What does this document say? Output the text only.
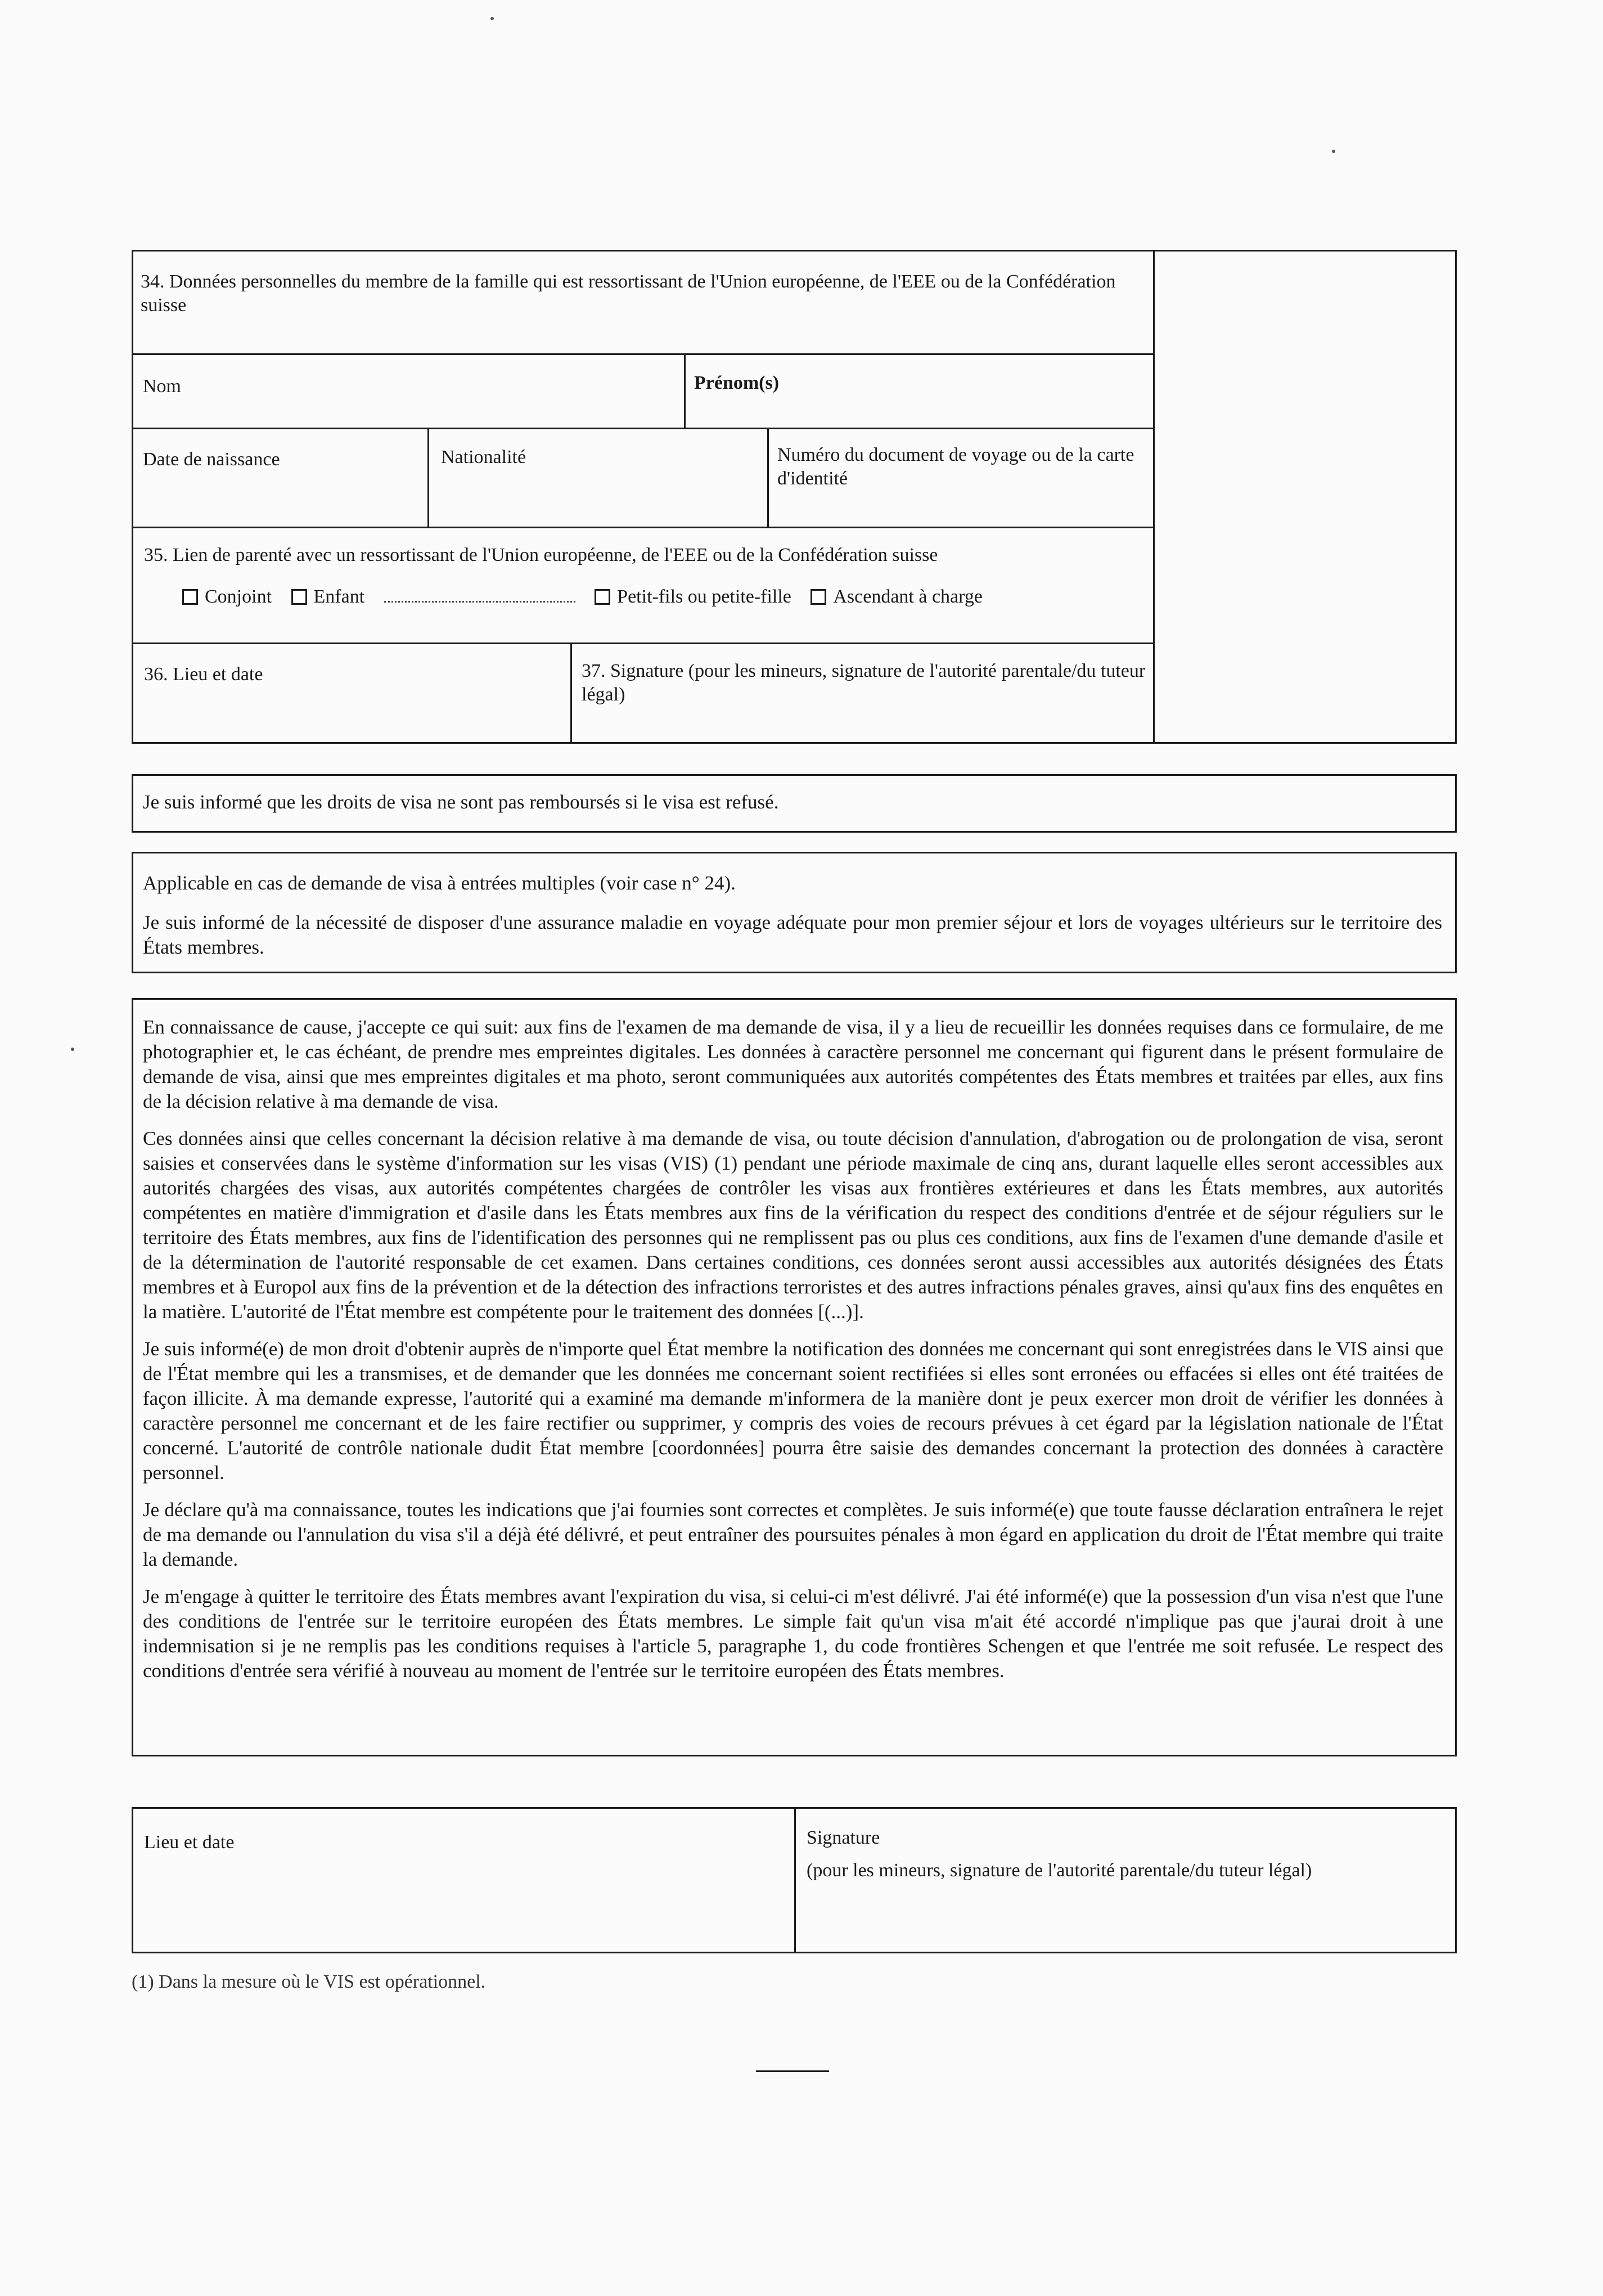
34. Données personnelles du membre de la famille qui est ressortissant de l'Union européenne, de l'EEE ou de la Confédération suisse
Nom	Prénom(s)
Date de naissance	Nationalité	Numéro du document de voyage ou de la carte d'identité
35. Lien de parenté avec un ressortissant de l'Union européenne, de l'EEE ou de la Confédération suisse
Conjoint Enfant	Petit-fils ou petite-fille Ascendant à charge
36. Lieu et date	37. Signature (pour les mineurs, signature de l'autorité parentale/du tuteur légal)
Je suis informé que les droits de visa ne sont pas remboursés si le visa est refusé.
Applicable en cas de demande de visa à entrées multiples (voir case n° 24).
Je suis informé de la nécessité de disposer d'une assurance maladie en voyage adéquate pour mon premier séjour et lors de voyages ultérieurs sur le territoire des États membres.

En connaissance de cause, j'accepte ce qui suit: aux fins de l'examen de ma demande de visa, il y a lieu de recueillir les données requises dans ce formulaire, de me photographier et, le cas échéant, de prendre mes empreintes digitales. Les données à caractère personnel me concernant qui figurent dans le présent formulaire de demande de visa, ainsi que mes empreintes digitales et ma photo, seront communiquées aux autorités compétentes des États membres et traitées par elles, aux fins de la décision relative à ma demande de visa.

Ces données ainsi que celles concernant la décision relative à ma demande de visa, ou toute décision d'annulation, d'abrogation ou de prolongation de visa, seront saisies et conservées dans le système d'information sur les visas (VIS) (1) pendant une période maximale de cinq ans, durant laquelle elles seront accessibles aux autorités chargées des visas, aux autorités compétentes chargées de contrôler les visas aux frontières extérieures et dans les États membres, aux autorités compétentes en matière d'immigration et d'asile dans les États membres aux fins de la vérification du respect des conditions d'entrée et de séjour réguliers sur le territoire des États membres, aux fins de l'identification des personnes qui ne remplissent pas ou plus ces conditions, aux fins de l'examen d'une demande d'asile et de la détermination de l'autorité responsable de cet examen. Dans certaines conditions, ces données seront aussi accessibles aux autorités désignées des États membres et à Europol aux fins de la prévention et de la détection des infractions terroristes et des autres infractions pénales graves, ainsi qu'aux fins des enquêtes en la matière. L'autorité de l'État membre est compétente pour le traitement des données [(...)].

Je suis informé(e) de mon droit d'obtenir auprès de n'importe quel État membre la notification des données me concernant qui sont enregistrées dans le VIS ainsi que de l'État membre qui les a transmises, et de demander que les données me concernant soient rectifiées si elles sont erronées ou effacées si elles ont été traitées de façon illicite. À ma demande expresse, l'autorité qui a examiné ma demande m'informera de la manière dont je peux exercer mon droit de vérifier les données à caractère personnel me concernant et de les faire rectifier ou supprimer, y compris des voies de recours prévues à cet égard par la législation nationale de l'État concerné. L'autorité de contrôle nationale dudit État membre [coordonnées] pourra être saisie des demandes concernant la protection des données à caractère personnel.

Je déclare qu'à ma connaissance, toutes les indications que j'ai fournies sont correctes et complètes. Je suis informé(e) que toute fausse déclaration entraînera le rejet de ma demande ou l'annulation du visa s'il a déjà été délivré, et peut entraîner des poursuites pénales à mon égard en application du droit de l'État membre qui traite la demande.

Je m'engage à quitter le territoire des États membres avant l'expiration du visa, si celui-ci m'est délivré. J'ai été informé(e) que la possession d'un visa n'est que l'une des conditions de l'entrée sur le territoire européen des États membres. Le simple fait qu'un visa m'ait été accordé n'implique pas que j'aurai droit à une indemnisation si je ne remplis pas les conditions requises à l'article 5, paragraphe 1, du code frontières Schengen et que l'entrée me soit refusée. Le respect des conditions d'entrée sera vérifié à nouveau au moment de l'entrée sur le territoire européen des États membres.

Lieu et date	Signature
(pour les mineurs, signature de l'autorité parentale/du tuteur légal)
(1) Dans la mesure où le VIS est opérationnel.
